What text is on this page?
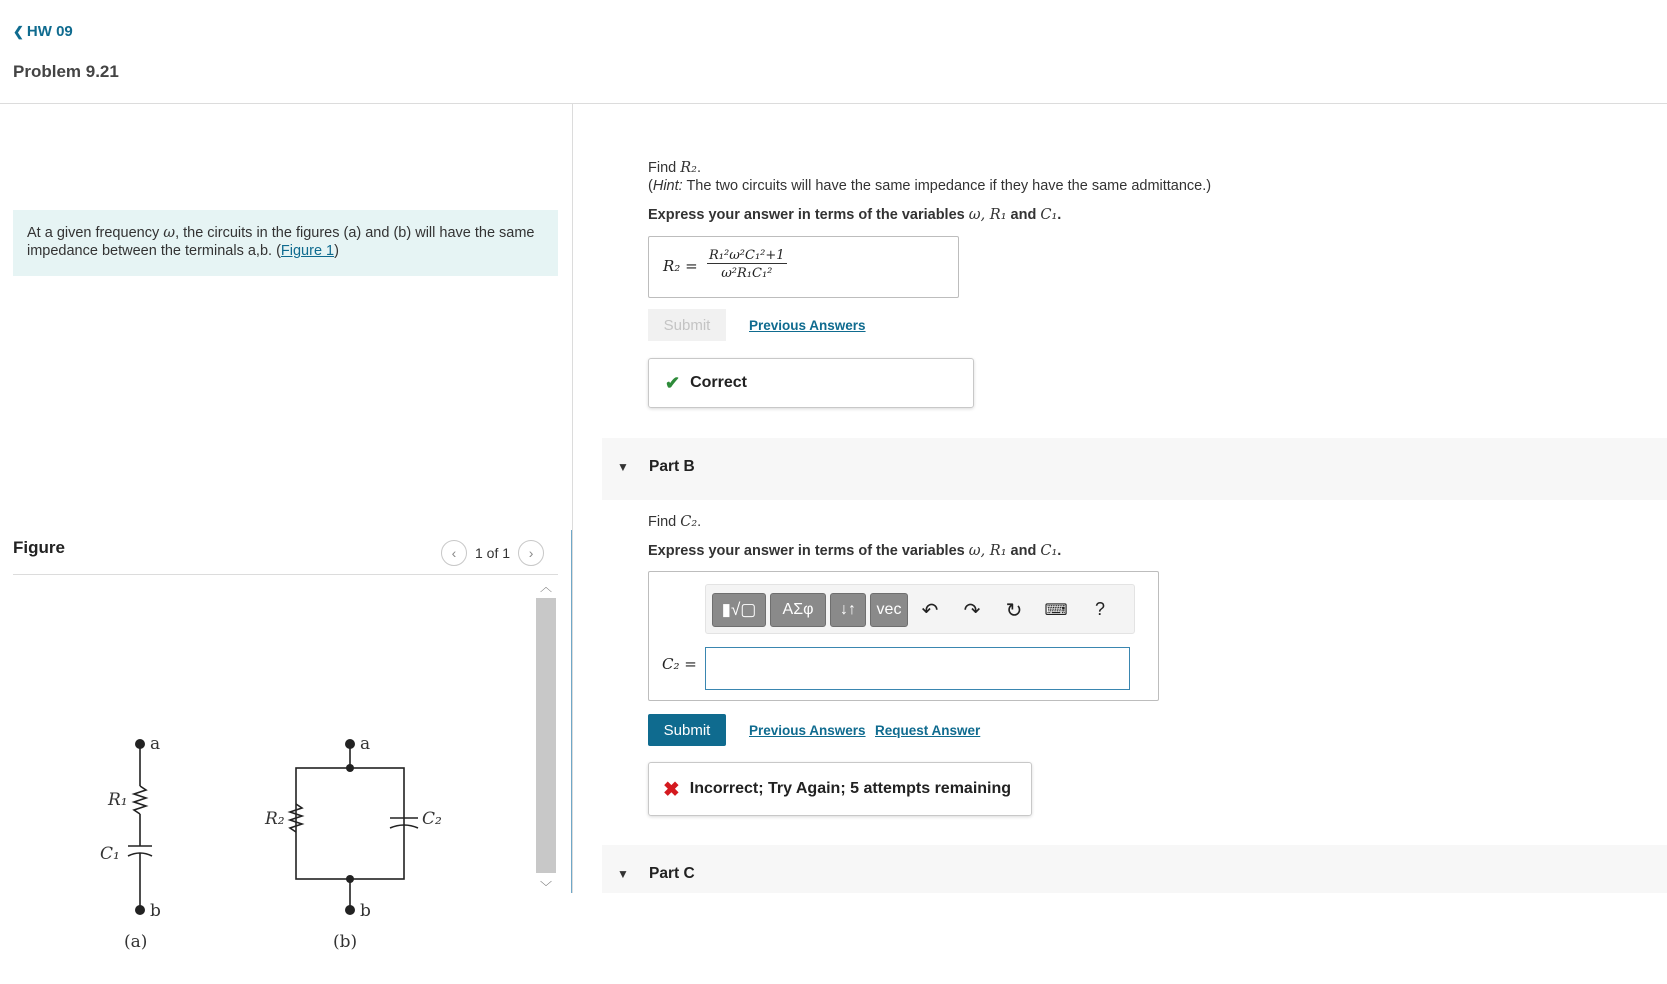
❮ HW 09
Problem 9.21
At a given frequency ω, the circuits in the figures (a) and (b) will have the same impedance between the terminals a,b. (Figure 1)
Figure	‹	1 of 1	›
a
b
R₁
C₁
(a)
a
b
R₂	C₂
(b)
︿
﹀
Find R₂.
(Hint: The two circuits will have the same impedance if they have the same admittance.)
Express your answer in terms of the variables ω, R₁ and C₁.
$R_2 = \frac{\text{R₁²ω²C₁²+1}}{\text{ω²R₁C₁²}}$
Submit	Previous Answers
✔ Correct
▼ Part B
Find C₂.
Express your answer in terms of the variables ω, R₁ and C₁.
▮√▢	ΑΣφ	↓↑	vec	↶ ↷ ↻ ⌨	?
C₂ =
Submit	Previous Answers Request Answer
✖ Incorrect; Try Again; 5 attempts remaining
▼ Part C
